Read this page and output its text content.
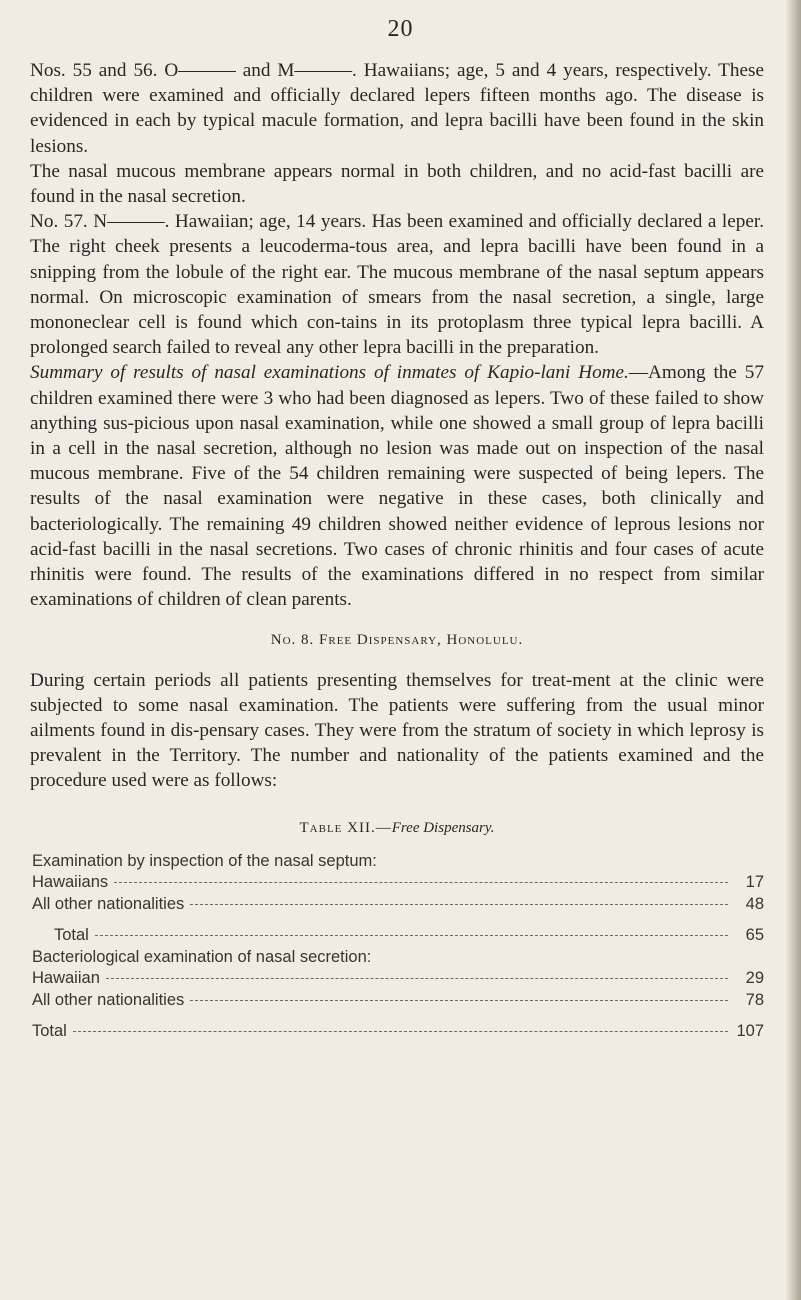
20

Nos. 55 and 56. O——— and M———. Hawaiians; age, 5 and 4 years, respectively. These children were examined and officially declared lepers fifteen months ago. The disease is evidenced in each by typical macule formation, and lepra bacilli have been found in the skin lesions.

The nasal mucous membrane appears normal in both children, and no acid-fast bacilli are found in the nasal secretion.

No. 57. N———. Hawaiian; age, 14 years. Has been examined and officially declared a leper. The right cheek presents a leucoderma-tous area, and lepra bacilli have been found in a snipping from the lobule of the right ear. The mucous membrane of the nasal septum appears normal. On microscopic examination of smears from the nasal secretion, a single, large mononeclear cell is found which con-tains in its protoplasm three typical lepra bacilli. A prolonged search failed to reveal any other lepra bacilli in the preparation.

Summary of results of nasal examinations of inmates of Kapio-lani Home.—Among the 57 children examined there were 3 who had been diagnosed as lepers. Two of these failed to show anything sus-picious upon nasal examination, while one showed a small group of lepra bacilli in a cell in the nasal secretion, although no lesion was made out on inspection of the nasal mucous membrane. Five of the 54 children remaining were suspected of being lepers. The results of the nasal examination were negative in these cases, both clinically and bacteriologically. The remaining 49 children showed neither evidence of leprous lesions nor acid-fast bacilli in the nasal secretions. Two cases of chronic rhinitis and four cases of acute rhinitis were found. The results of the examinations differed in no respect from similar examinations of children of clean parents.

No. 8. Free Dispensary, Honolulu.

During certain periods all patients presenting themselves for treat-ment at the clinic were subjected to some nasal examination. The patients were suffering from the usual minor ailments found in dis-pensary cases. They were from the stratum of society in which leprosy is prevalent in the Territory. The number and nationality of the patients examined and the procedure used were as follows:

Table XII.—Free Dispensary.
Examination by inspection of the nasal septum:
Hawaiians	17
All other nationalities	48
Total	65
Bacteriological examination of nasal secretion:
Hawaiian	29
All other nationalities	78
Total	107
